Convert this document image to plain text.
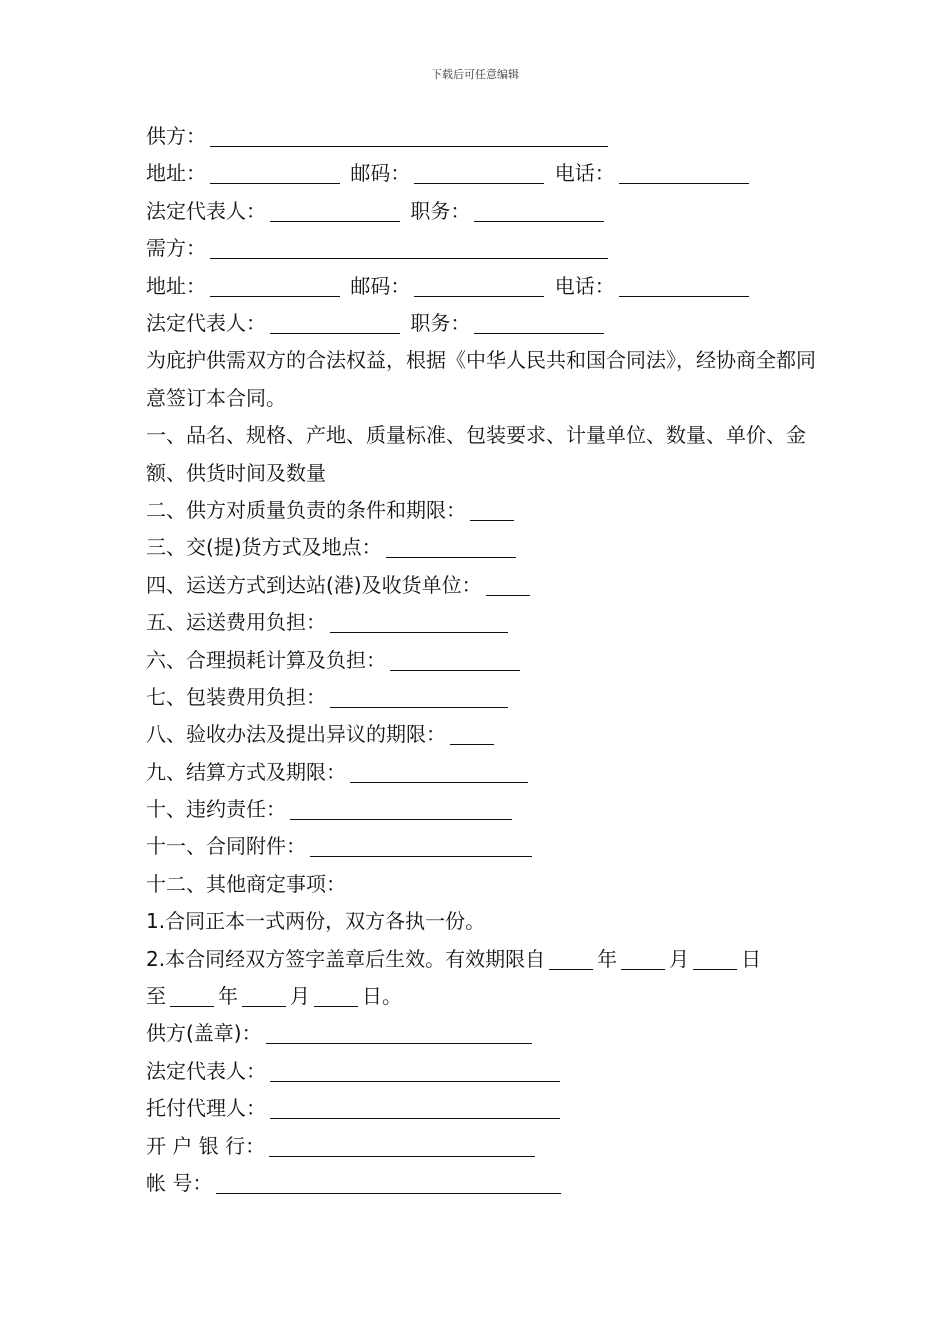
下载后可任意编辑
供方：
地址：	邮码：	电话：
法定代表人：	职务：
需方：
地址：	邮码：	电话：
法定代表人：	职务：
为庇护供需双方的合法权益，根据《中华人民共和国合同法》，经协商全都同意签订本合同。
一、品名、规格、产地、质量标准、包装要求、计量单位、数量、单价、金额、供货时间及数量
二、供方对质量负责的条件和期限：
三、交(提)货方式及地点：
四、运送方式到达站(港)及收货单位：
五、运送费用负担：
六、合理损耗计算及负担：
七、包装费用负担：
八、验收办法及提出异议的期限：
九、结算方式及期限：
十、违约责任：
十一、合同附件：
十二、其他商定事项：
1.合同正本一式两份，双方各执一份。
2.本合同经双方签字盖章后生效。有效期限自	年	月	日
至	年	月	日。
供方(盖章)：
法定代表人：
托付代理人：
开 户 银 行：
帐 号：
